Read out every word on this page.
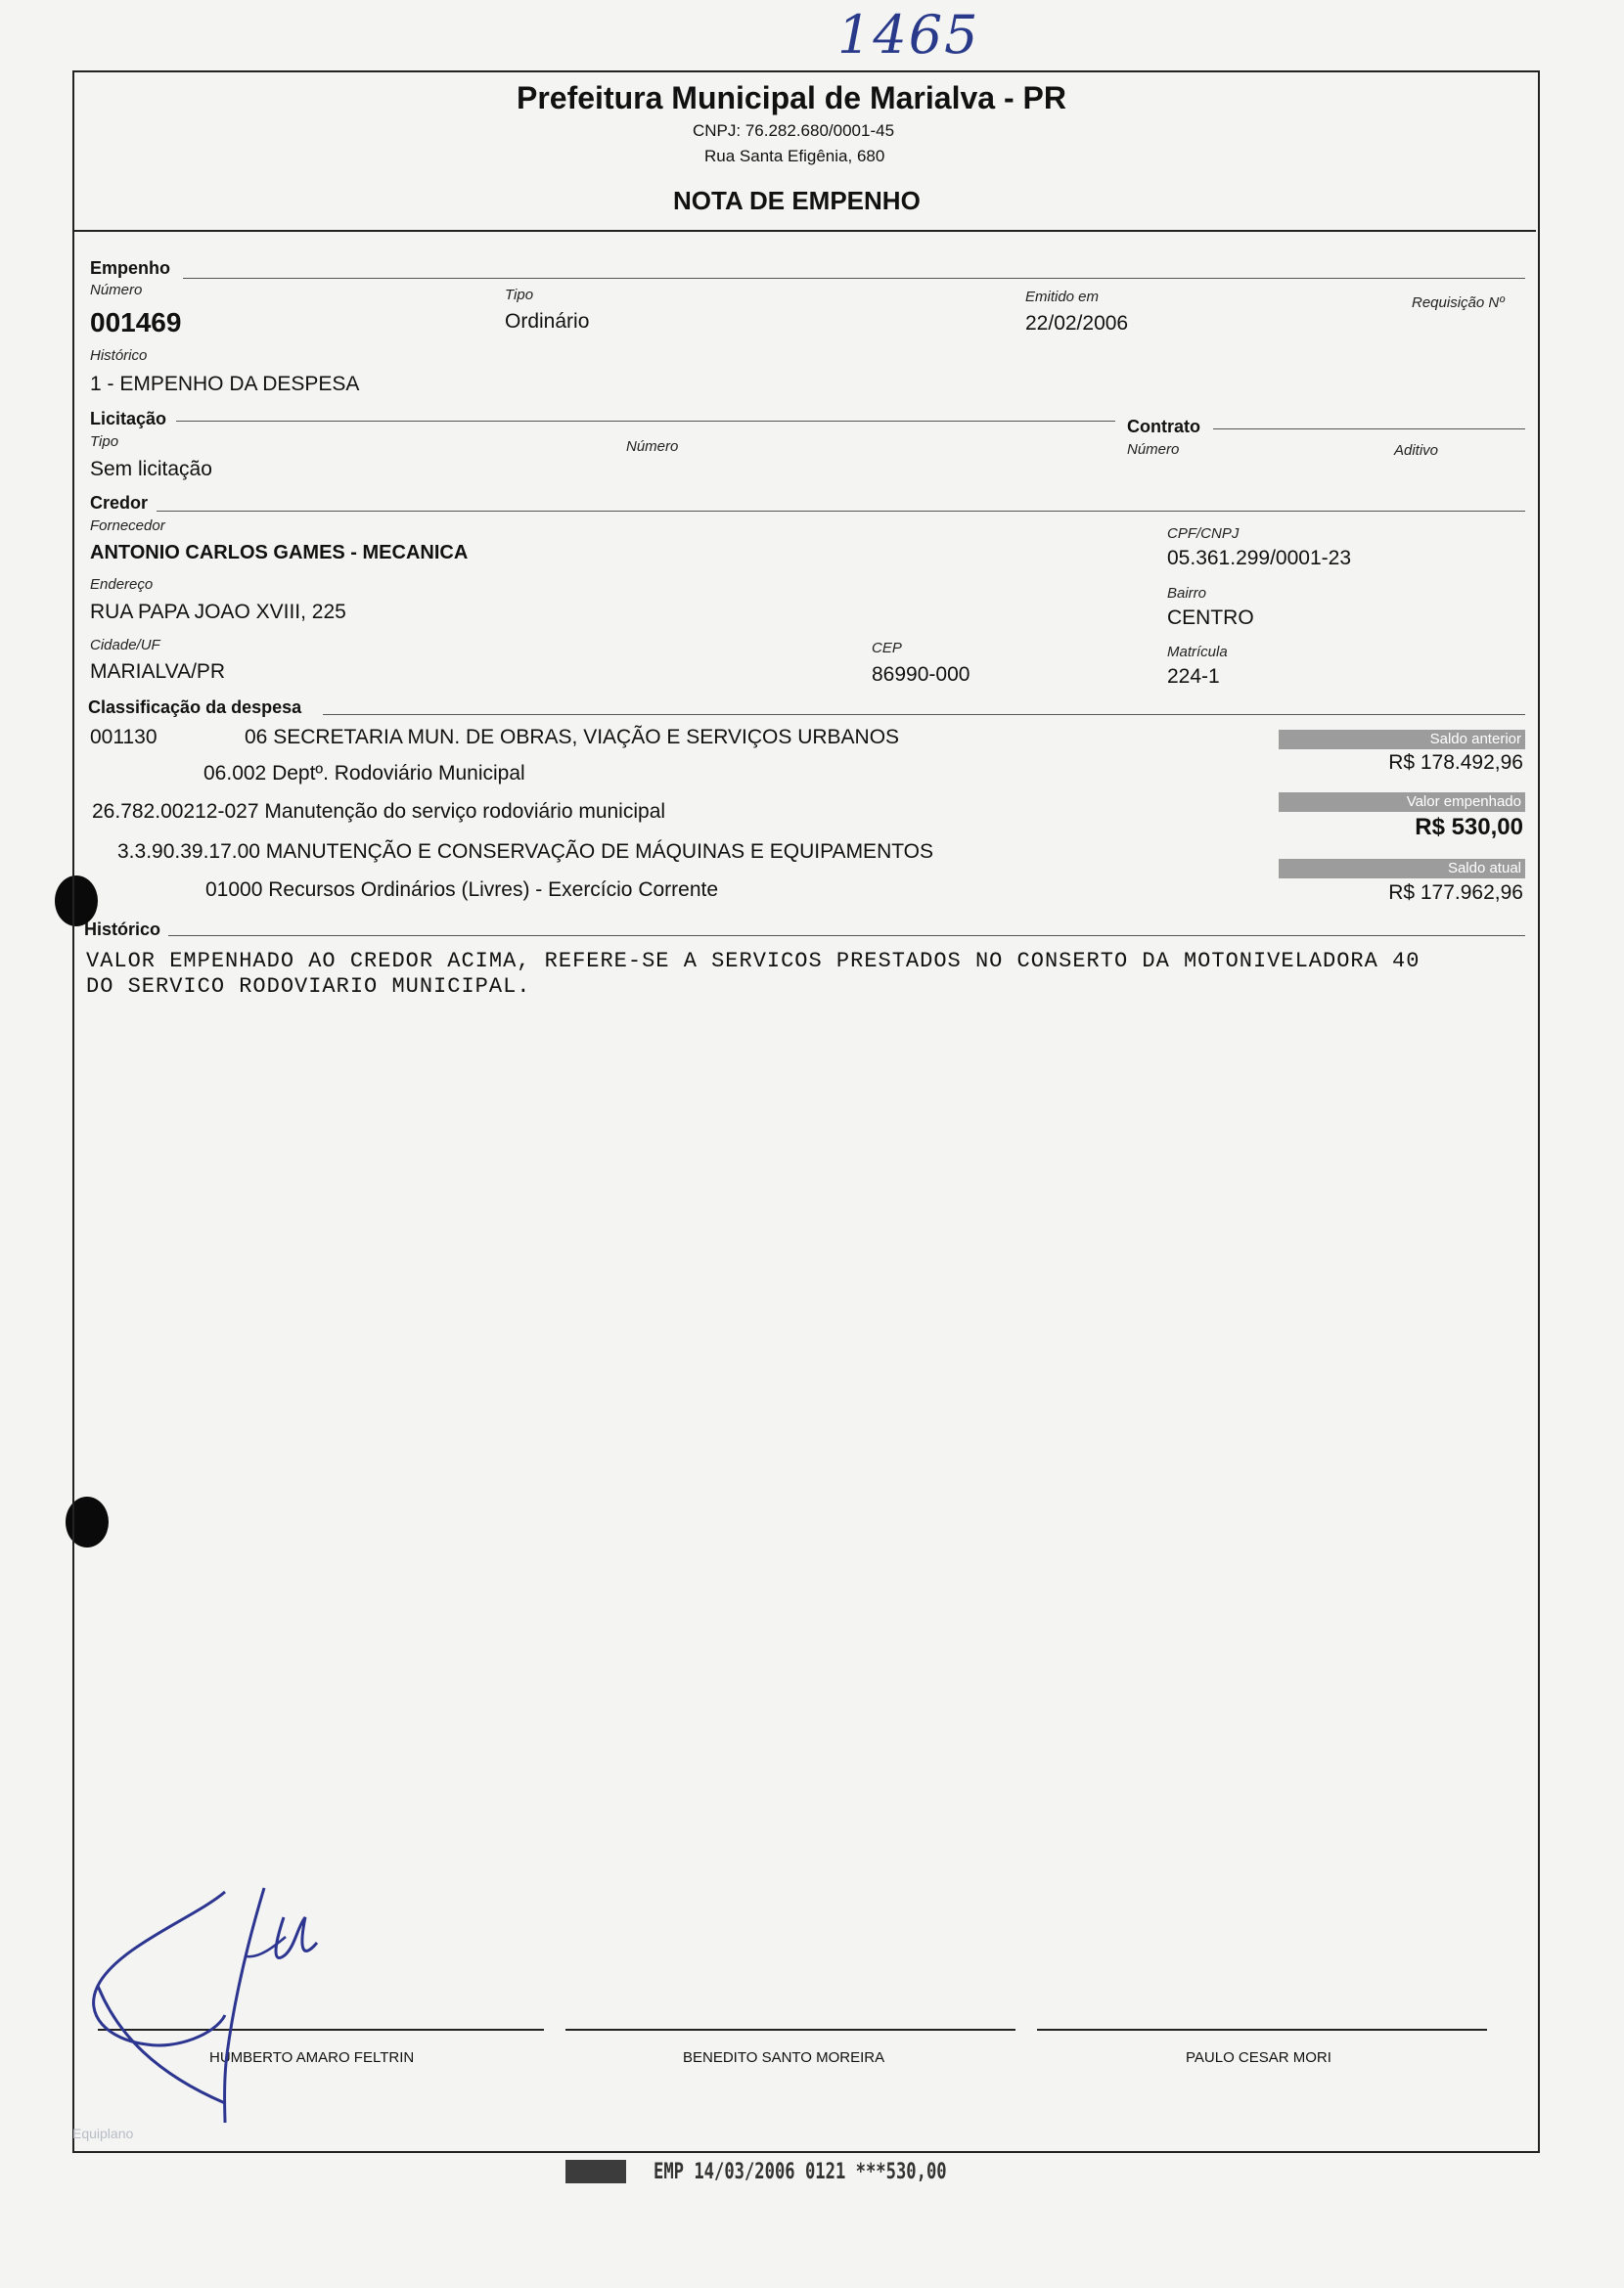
1465
Prefeitura Municipal de Marialva - PR
CNPJ: 76.282.680/0001-45
Rua Santa Efigênia, 680
NOTA DE EMPENHO
Empenho
Número
001469
Tipo
Ordinário
Emitido em
22/02/2006
Requisição Nº
Histórico
1 - EMPENHO DA DESPESA
Licitação	Contrato
Tipo
Sem licitação
Número	Número	Aditivo
Credor
Fornecedor
ANTONIO CARLOS GAMES - MECANICA
CPF/CNPJ
05.361.299/0001-23
Endereço
RUA PAPA JOAO XVIII, 225
Bairro
CENTRO
Cidade/UF
MARIALVA/PR
CEP
86990-000
Matrícula
224-1
Classificação da despesa
001130	06 SECRETARIA MUN. DE OBRAS, VIAÇÃO E SERVIÇOS URBANOS
06.002 Deptº. Rodoviário Municipal
26.782.00212-027 Manutenção do serviço rodoviário municipal
3.3.90.39.17.00 MANUTENÇÃO E CONSERVAÇÃO DE MÁQUINAS E EQUIPAMENTOS
01000 Recursos Ordinários (Livres) - Exercício Corrente
Saldo anterior
R$ 178.492,96
Valor empenhado
R$ 530,00
Saldo atual
R$ 177.962,96
Histórico
VALOR EMPENHADO AO CREDOR ACIMA, REFERE-SE A SERVICOS PRESTADOS NO CONSERTO DA MOTONIVELADORA 40
DO SERVICO RODOVIARIO MUNICIPAL.
HUMBERTO AMARO FELTRIN	BENEDITO SANTO MOREIRA	PAULO CESAR MORI
Equiplano
EMP 14/03/2006 0121 ***530,00
